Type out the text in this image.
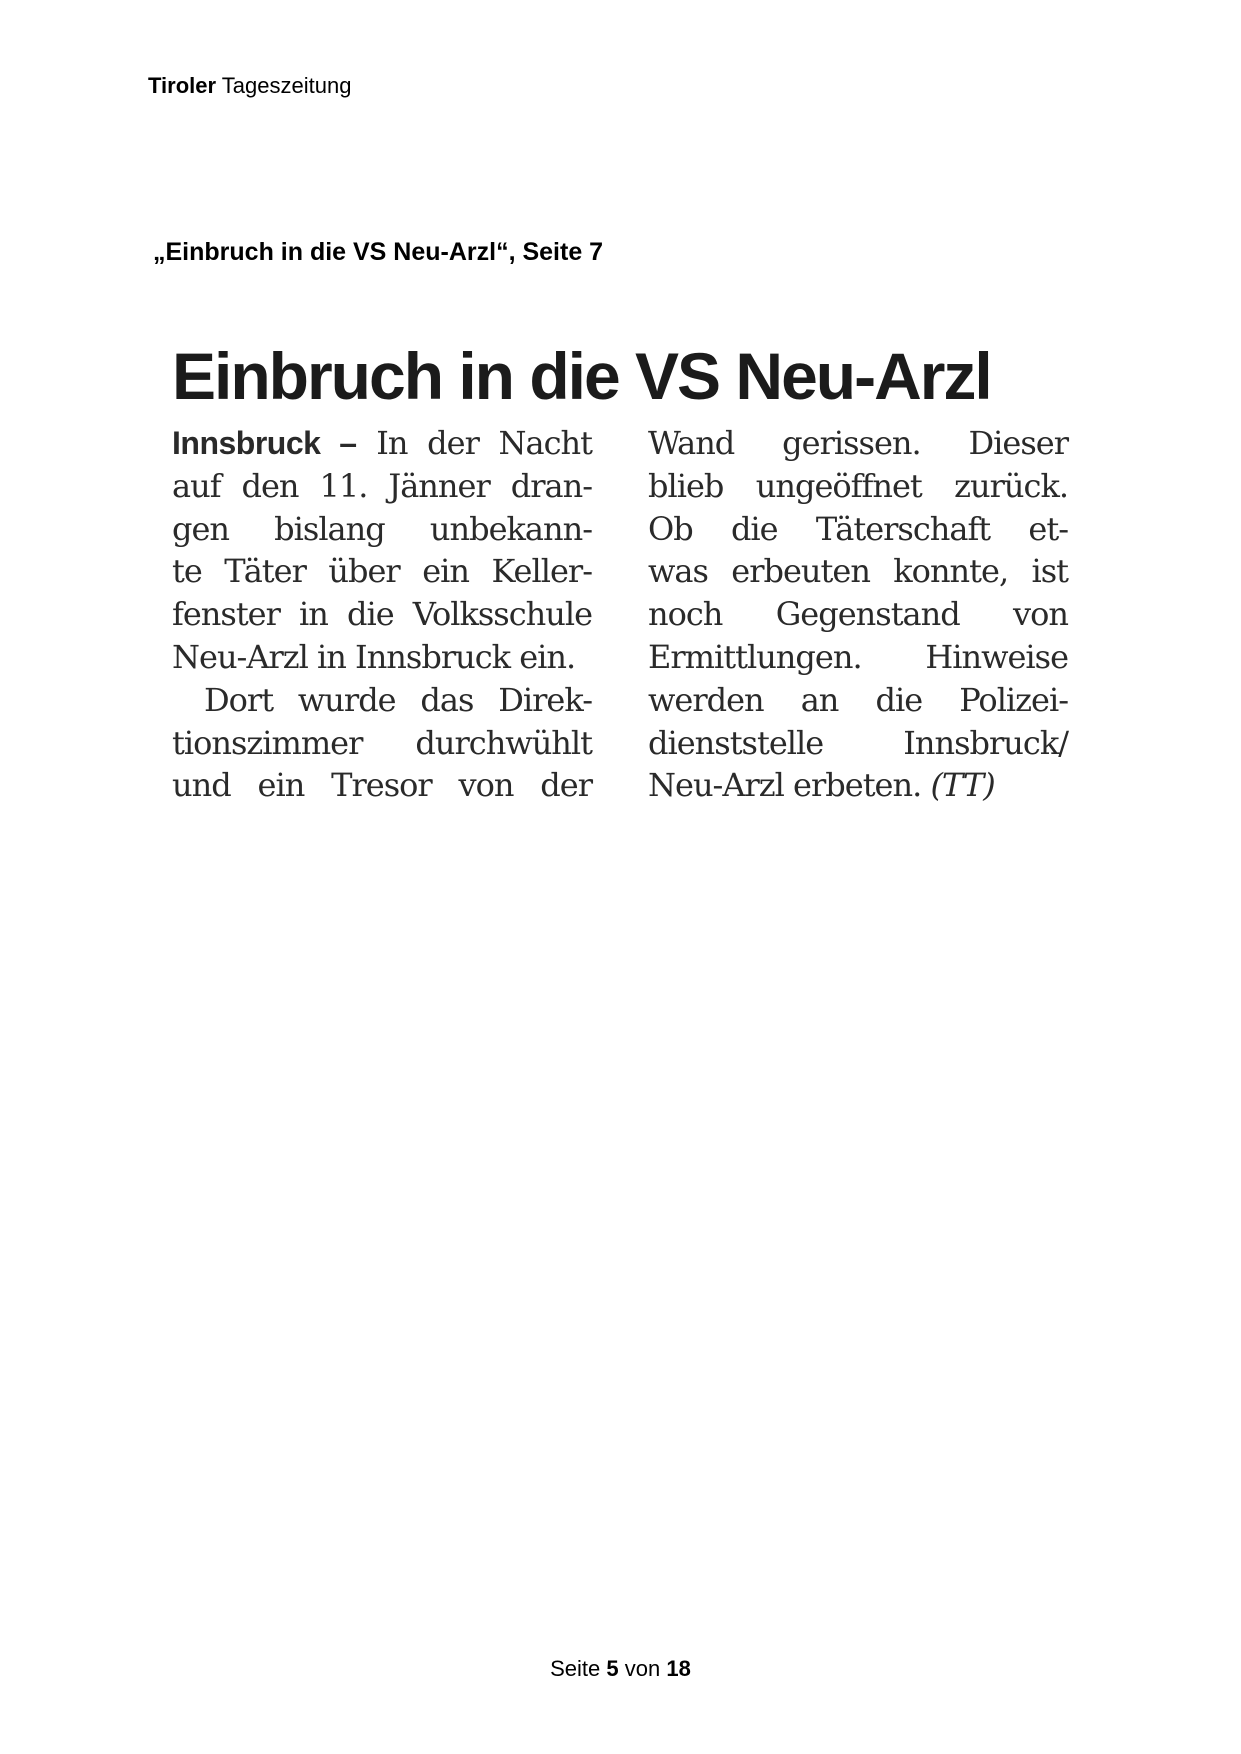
Tiroler Tageszeitung
„Einbruch in die VS Neu-Arzl“, Seite 7
Einbruch in die VS Neu-Arzl
Innsbruck – In der Nacht
auf den 11. Jänner dran-
gen bislang unbekann-
te Täter über ein Keller-
fenster in die Volksschule
Neu-Arzl in Innsbruck ein.
Dort wurde das Direk-
tionszimmer durchwühlt
und ein Tresor von der
Wand gerissen. Dieser
blieb ungeöffnet zurück.
Ob die Täterschaft et-
was erbeuten konnte, ist
noch Gegenstand von
Ermittlungen. Hinweise
werden an die Polizei-
dienststelle Innsbruck/
Neu-Arzl erbeten. (TT)
Seite 5 von 18
